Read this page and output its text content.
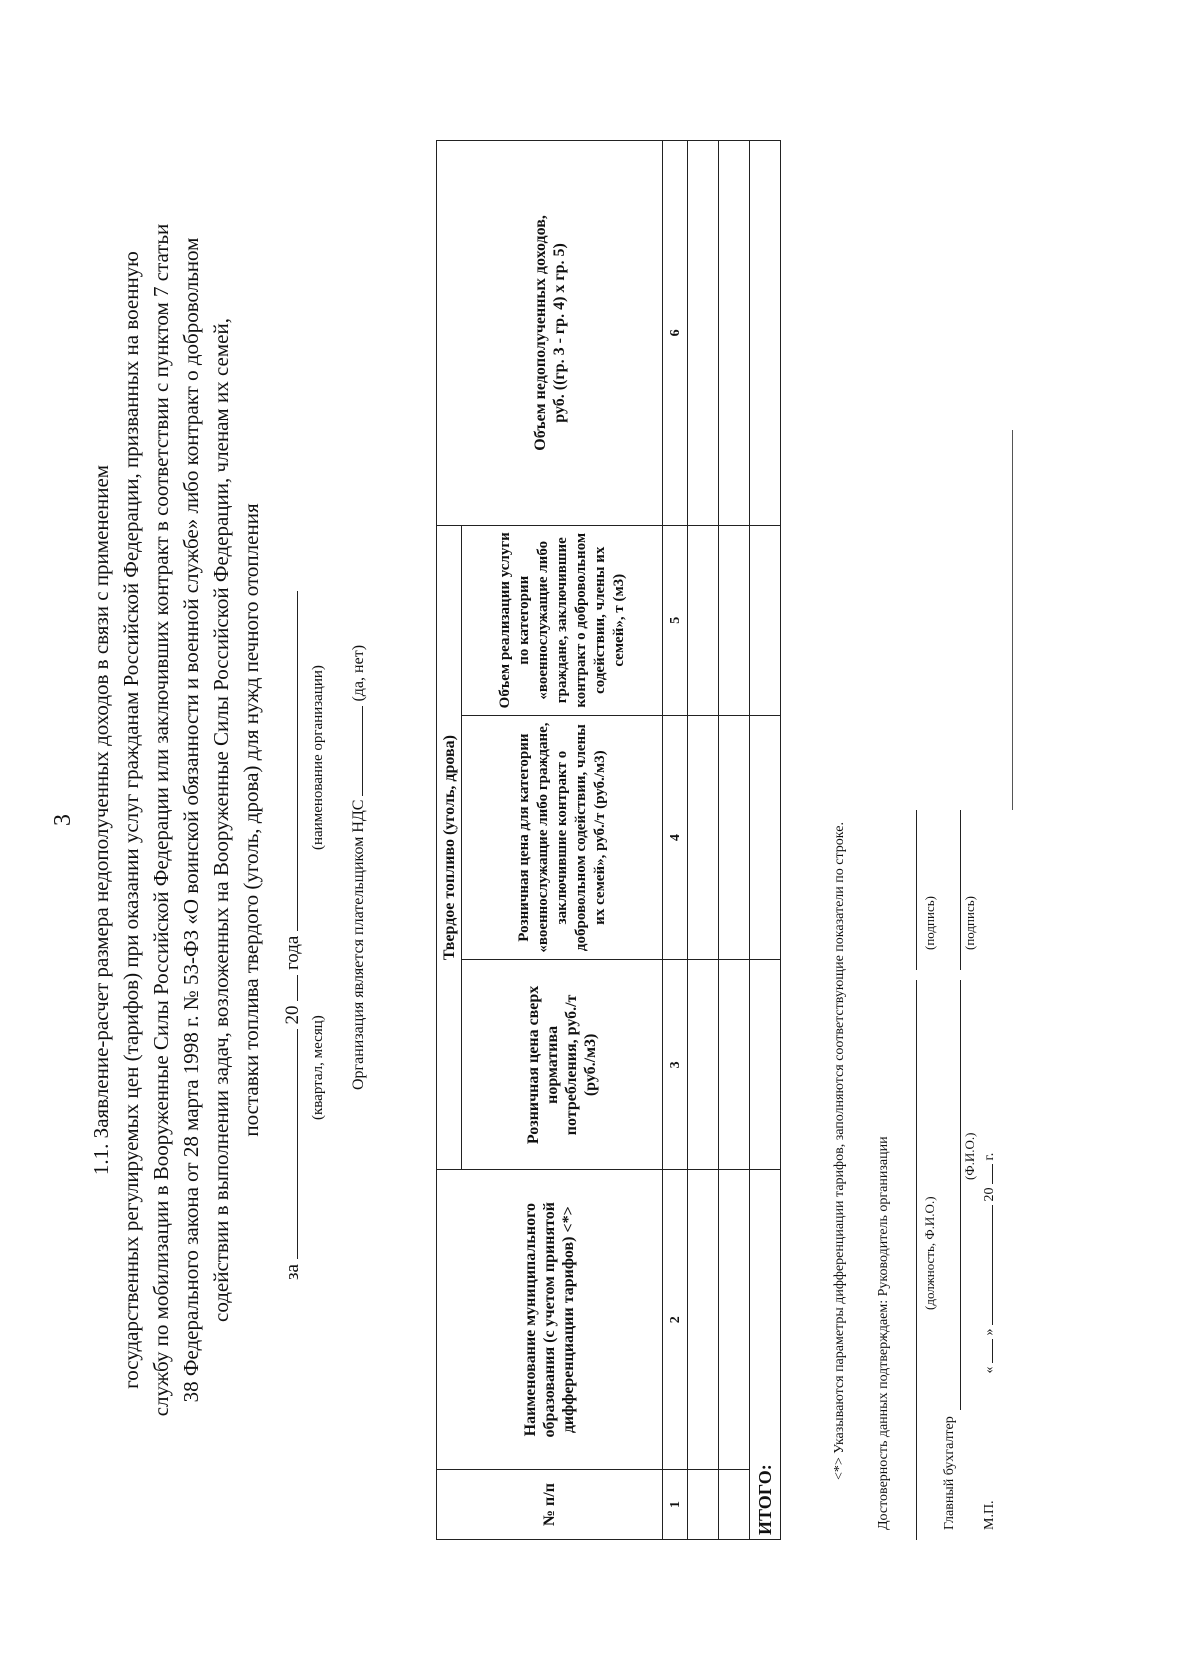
3 1.1. Заявление-расчет размера недополученных доходов в связи с применением государственных регулируемых цен (тарифов) при оказании услуг гражданам Российской Федерации, призванных на военную службу по мобилизации в Вооруженные Силы Российской Федерации или заключивших контракт в соответствии с пунктом 7 статьи 38 Федерального закона от 28 марта 1998 г. № 53-ФЗ «О воинской обязанности и военной службе» либо контракт о добровольном содействии в выполнении задач, возложенных на Вооруженные Силы Российской Федерации, членам их семей, поставки топлива твердого (уголь, дрова) для нужд печного отопления
за  20  года
(квартал, месяц)
(наименование организации)
Организация является плательщиком НДС  (да, нет)
№ п/п	Наименование муниципального образования (с учетом принятой дифференциации тарифов) <*>	Твердое топливо (уголь, дрова)			Объем недополученных доходов, руб. ((гр. 3 - гр. 4) x гр. 5)
		Розничная цена сверх норматива потребления, руб./т (руб./м3)	Розничная цена для категории «военнослужащие либо граждане, заключившие контракт о добровольном содействии, члены их семей», руб./т (руб./м3)	Объем реализации услуги по категории «военнослужащие либо граждане, заключившие контракт о добровольном содействии, члены их семей», т (м3)	
1	2	3	4	5	6

ИТОГО:					
<*> Указываются параметры дифференциации тарифов, заполняются соответствующие показатели по строке. Достоверность данных подтверждаем: Руководитель организации (должность, Ф.И.О.)
(подпись)
Главный бухгалтер
(Ф.И.О.)
(подпись)
М.П.  «  »  20  г.
